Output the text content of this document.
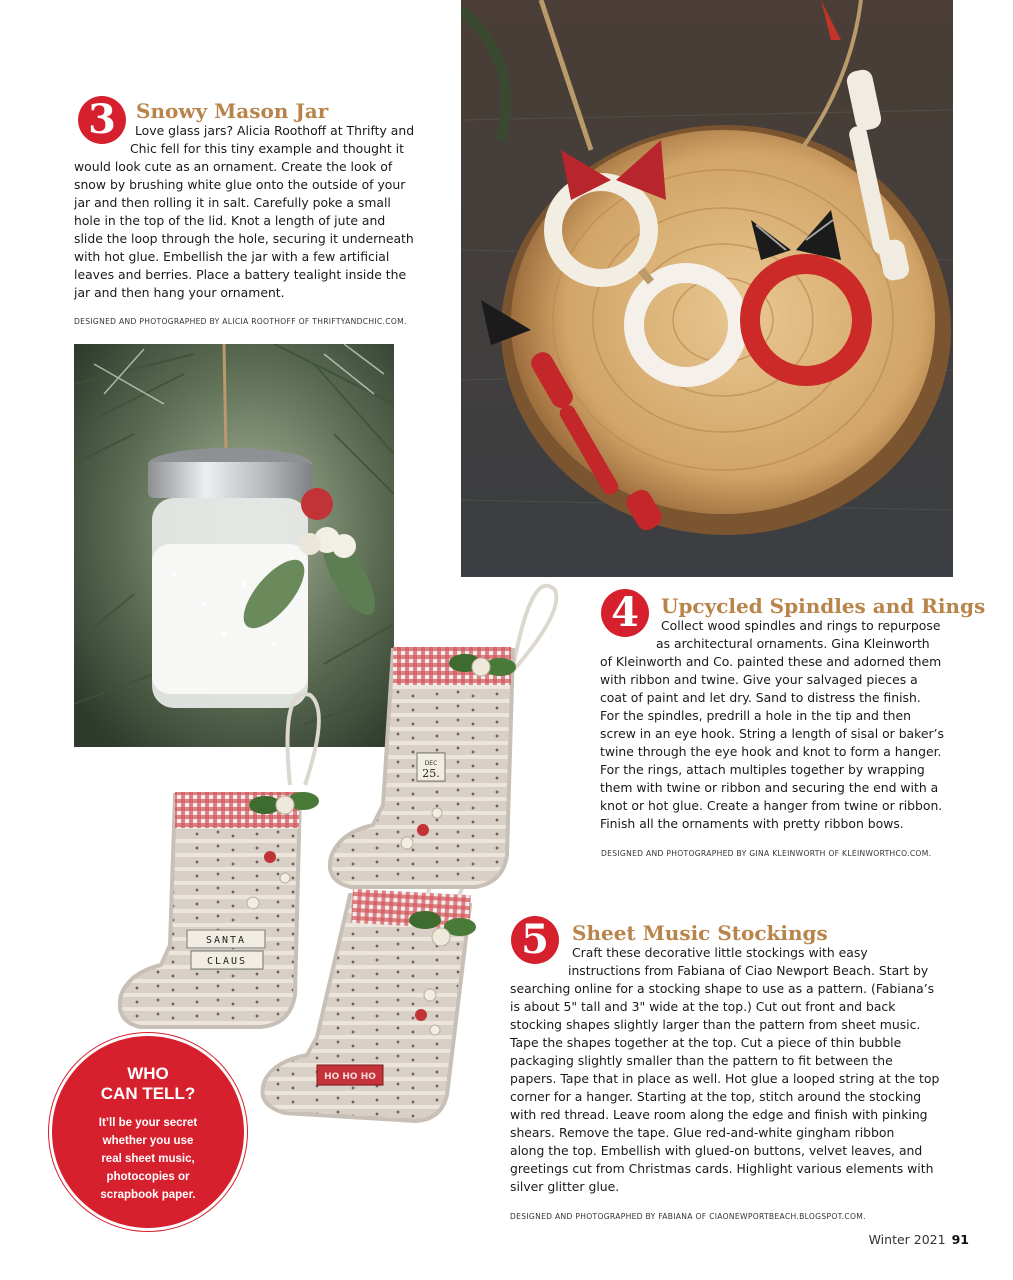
3	Snowy Mason Jar
Love glass jars? Alicia Roothoff at Thrifty and
Chic fell for this tiny example and thought it
would look cute as an ornament. Create the look of
snow by brushing white glue onto the outside of your
jar and then rolling it in salt. Carefully poke a small
hole in the top of the lid. Knot a length of jute and
slide the loop through the hole, securing it underneath
with hot glue. Embellish the jar with a few artificial
leaves and berries. Place a battery tealight inside the
jar and then hang your ornament.
DESIGNED AND PHOTOGRAPHED BY ALICIA ROOTHOFF OF THRIFTYANDCHIC.COM.
DEC
25.
SANTA
CLAUS
HO HO HO
4	Upcycled Spindles and Rings
Collect wood spindles and rings to repurpose
as architectural ornaments. Gina Kleinworth
of Kleinworth and Co. painted these and adorned them
with ribbon and twine. Give your salvaged pieces a
coat of paint and let dry. Sand to distress the finish.
For the spindles, predrill a hole in the tip and then
screw in an eye hook. String a length of sisal or baker’s
twine through the eye hook and knot to form a hanger.
For the rings, attach multiples together by wrapping
them with twine or ribbon and securing the end with a
knot or hot glue. Create a hanger from twine or ribbon.
Finish all the ornaments with pretty ribbon bows.
DESIGNED AND PHOTOGRAPHED BY GINA KLEINWORTH OF KLEINWORTHCO.COM.
5	Sheet Music Stockings
Craft these decorative little stockings with easy
instructions from Fabiana of Ciao Newport Beach. Start by
searching online for a stocking shape to use as a pattern. (Fabiana’s
is about 5" tall and 3" wide at the top.) Cut out front and back
stocking shapes slightly larger than the pattern from sheet music.
Tape the shapes together at the top. Cut a piece of thin bubble
packaging slightly smaller than the pattern to fit between the
papers. Tape that in place as well. Hot glue a looped string at the top
corner for a hanger. Starting at the top, stitch around the stocking
with red thread. Leave room along the edge and finish with pinking
shears. Remove the tape. Glue red-and-white gingham ribbon
along the top. Embellish with glued-on buttons, velvet leaves, and
greetings cut from Christmas cards. Highlight various elements with
silver glitter glue.
DESIGNED AND PHOTOGRAPHED BY FABIANA OF CIAONEWPORTBEACH.BLOGSPOT.COM.
WHO
CAN TELL?
It’ll be your secret
whether you use
real sheet music,
photocopies or
scrapbook paper.
Winter 2021 91
